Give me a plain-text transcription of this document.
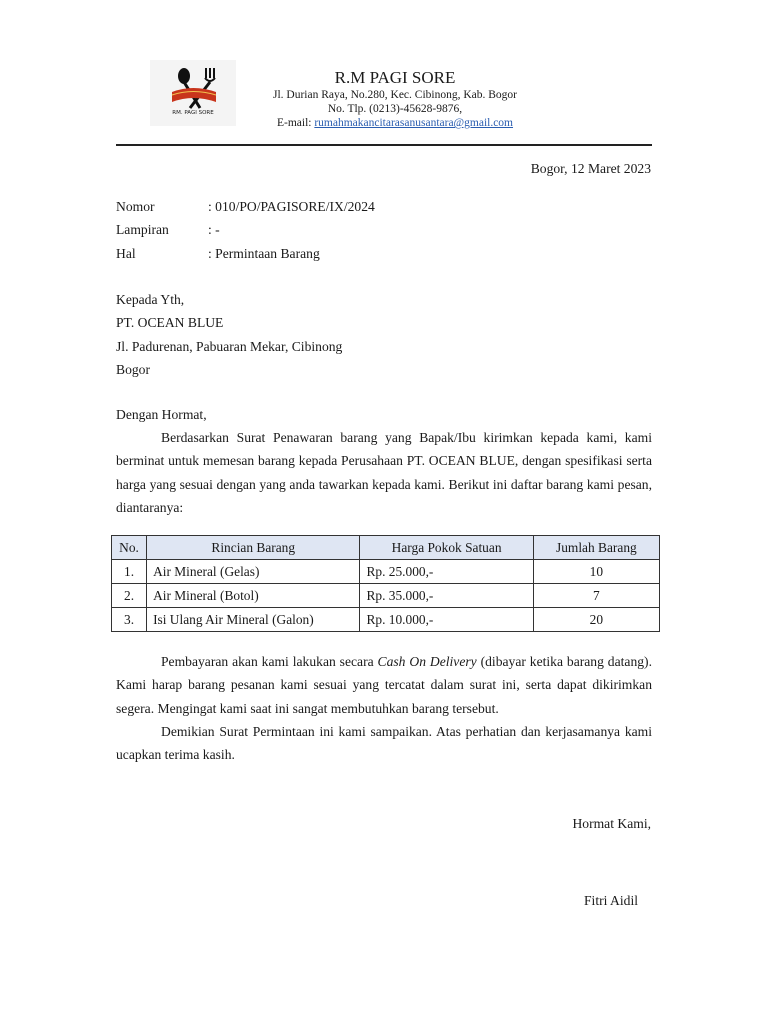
RM. PAGI SORE
R.M PAGI SORE
Jl. Durian Raya, No.280, Kec. Cibinong, Kab. Bogor
No. Tlp. (0213)-45628-9876,
E-mail: rumahmakancitarasanusantara@gmail.com
Bogor, 12 Maret 2023
Nomor	: 010/PO/PAGISORE/IX/2024
Lampiran	: -
Hal	: Permintaan Barang
Kepada Yth,
PT. OCEAN BLUE
Jl. Padurenan, Pabuaran Mekar, Cibinong
Bogor
Dengan Hormat,

Berdasarkan Surat Penawaran barang yang Bapak/Ibu kirimkan kepada kami, kami berminat untuk memesan barang kepada Perusahaan PT. OCEAN BLUE, dengan spesifikasi serta harga yang sesuai dengan yang anda tawarkan kepada kami. Berikut ini daftar barang kami pesan, diantaranya:

No.	Rincian Barang	Harga Pokok Satuan	Jumlah Barang
1.	Air Mineral (Gelas)	Rp. 25.000,-	10
2.	Air Mineral (Botol)	Rp. 35.000,-	7
3.	Isi Ulang Air Mineral (Galon)	Rp. 10.000,-	20

Pembayaran akan kami lakukan secara Cash On Delivery (dibayar ketika barang datang). Kami harap barang pesanan kami sesuai yang tercatat dalam surat ini, serta dapat dikirimkan segera. Mengingat kami saat ini sangat membutuhkan barang tersebut.

Demikian Surat Permintaan ini kami sampaikan. Atas perhatian dan kerjasamanya kami ucapkan terima kasih.

Hormat Kami,
Fitri Aidil
